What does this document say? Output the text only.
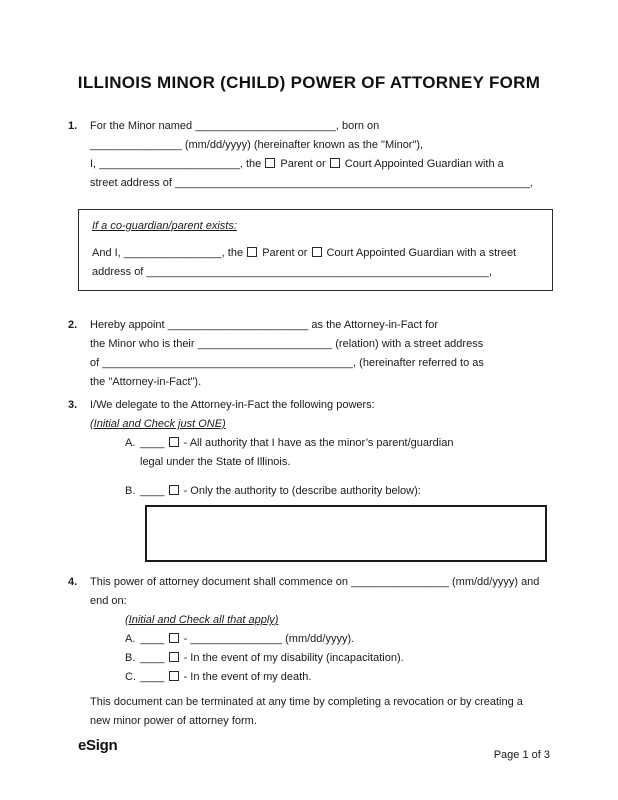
ILLINOIS MINOR (CHILD) POWER OF ATTORNEY FORM
1.	For the Minor named _______________________, born on
_______________ (mm/dd/yyyy) (hereinafter known as the "Minor"),
I, _______________________, the  Parent or  Court Appointed Guardian with a
street address of __________________________________________________________,
If a co-guardian/parent exists:
And I, ________________, the  Parent or  Court Appointed Guardian with a street
address of ________________________________________________________,
2.	Hereby appoint _______________________ as the Attorney-in-Fact for
the Minor who is their ______________________ (relation) with a street address
of _________________________________________, (hereinafter referred to as
the "Attorney-in-Fact").
3.	I/We delegate to the Attorney-in-Fact the following powers:
(Initial and Check just ONE)
A. ____  - All authority that I have as the minor’s parent/guardian
legal under the State of Illinois.
B. ____  - Only the authority to (describe authority below):
4.	This power of attorney document shall commence on ________________ (mm/dd/yyyy) and
end on:
(Initial and Check all that apply)
A. ____  - _______________ (mm/dd/yyyy).
B. ____  - In the event of my disability (incapacitation).
C. ____  - In the event of my death.
This document can be terminated at any time by completing a revocation or by creating a
new minor power of attorney form.
eSign
Page 1 of 3
